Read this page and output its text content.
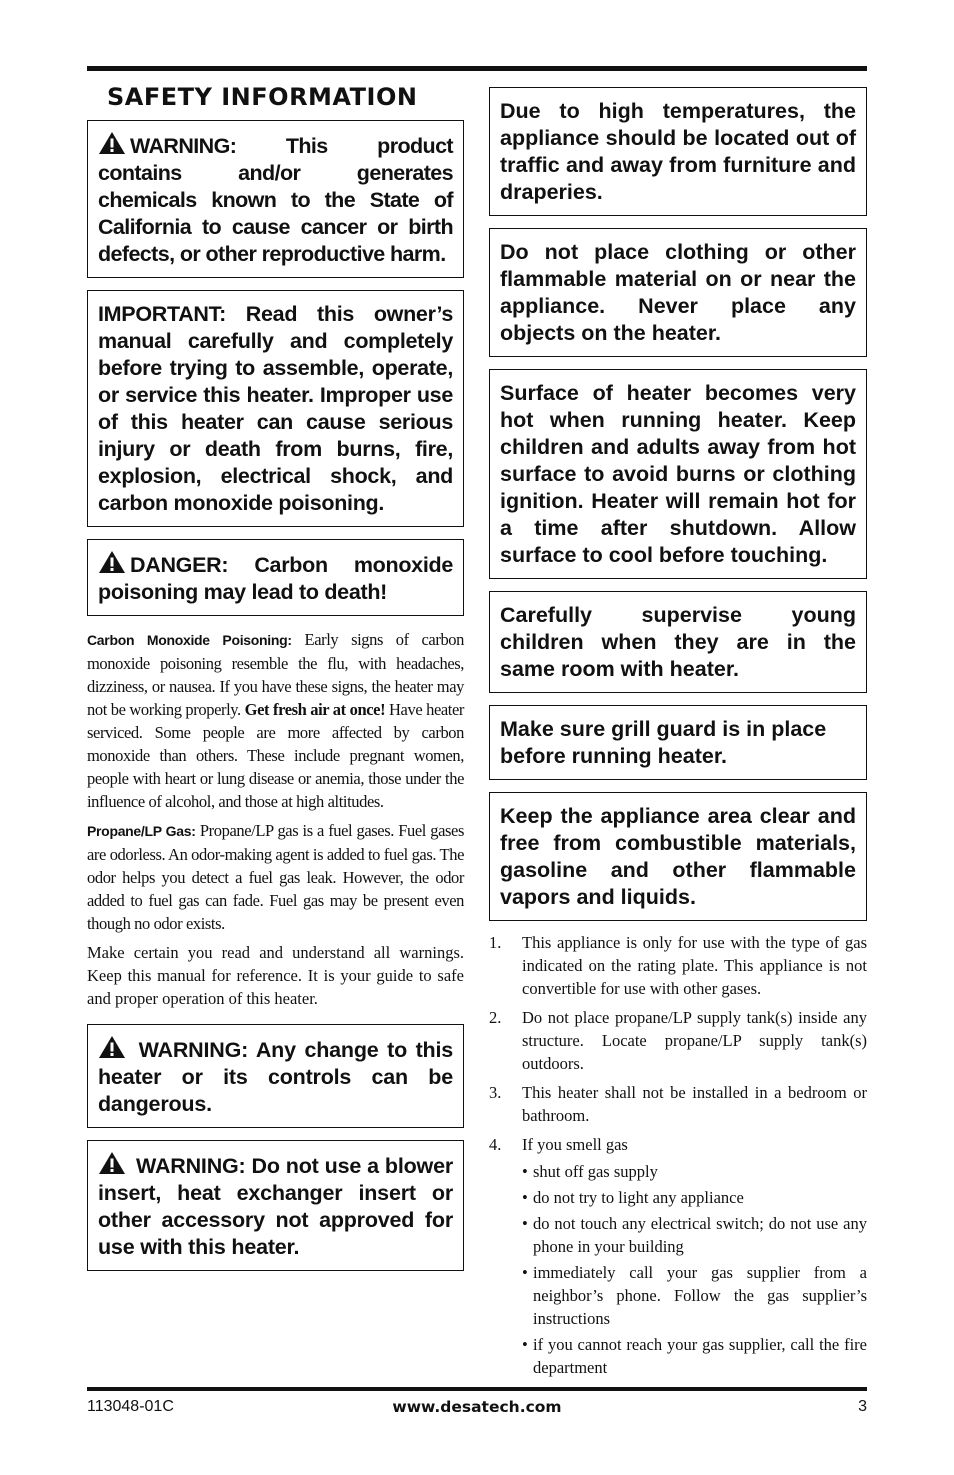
SAFETY INFORMATION
WARNING: This product contains and/or generates chemicals known to the State of California to cause cancer or birth defects, or other reproductive harm.
IMPORTANT: Read this owner’s manual carefully and completely before trying to assemble, operate, or service this heater. Improper use of this heater can cause serious injury or death from burns, fire, explosion, electrical shock, and carbon monoxide poisoning.
DANGER: Carbon monoxide poisoning may lead to death!

Carbon Monoxide Poisoning: Early signs of carbon monoxide poisoning resemble the flu, with headaches, dizziness, or nausea. If you have these signs, the heater may not be working properly. Get fresh air at once! Have heater serviced. Some people are more affected by carbon monoxide than others. These include pregnant women, people with heart or lung disease or anemia, those under the influence of alcohol, and those at high altitudes.

Propane/LP Gas: Propane/LP gas is a fuel gases. Fuel gases are odorless. An odor-making agent is added to fuel gas. The odor helps you detect a fuel gas leak. However, the odor added to fuel gas can fade. Fuel gas may be present even though no odor exists.

Make certain you read and understand all warnings. Keep this manual for reference. It is your guide to safe and proper operation of this heater.

WARNING: Any change to this heater or its controls can be dangerous.
WARNING: Do not use a blower insert, heat exchanger insert or other accessory not approved for use with this heater.
Due to high temperatures, the appliance should be located out of traffic and away from furniture and draperies.
Do not place clothing or other flammable material on or near the appliance. Never place any objects on the heater.
Surface of heater becomes very hot when running heater. Keep children and adults away from hot surface to avoid burns or clothing ignition. Heater will remain hot for a time after shutdown. Allow surface to cool before touching.
Carefully supervise young children when they are in the same room with heater.
Make sure grill guard is in place before running heater.
Keep the appliance area clear and free from combustible materials, gasoline and other flammable vapors and liquids.
1. This appliance is only for use with the type of gas indicated on the rating plate. This appliance is not convertible for use with other gases.
2. Do not place propane/LP supply tank(s) inside any structure. Locate propane/LP supply tank(s) outdoors.
3. This heater shall not be installed in a bedroom or bathroom.
4. If you smell gas
• shut off gas supply
• do not try to light any appliance
• do not touch any electrical switch; do not use any phone in your building
• immediately call your gas supplier from a neighbor’s phone. Follow the gas supplier’s instructions
• if you cannot reach your gas supplier, call the fire department
113048-01C	www.desatech.com	3
